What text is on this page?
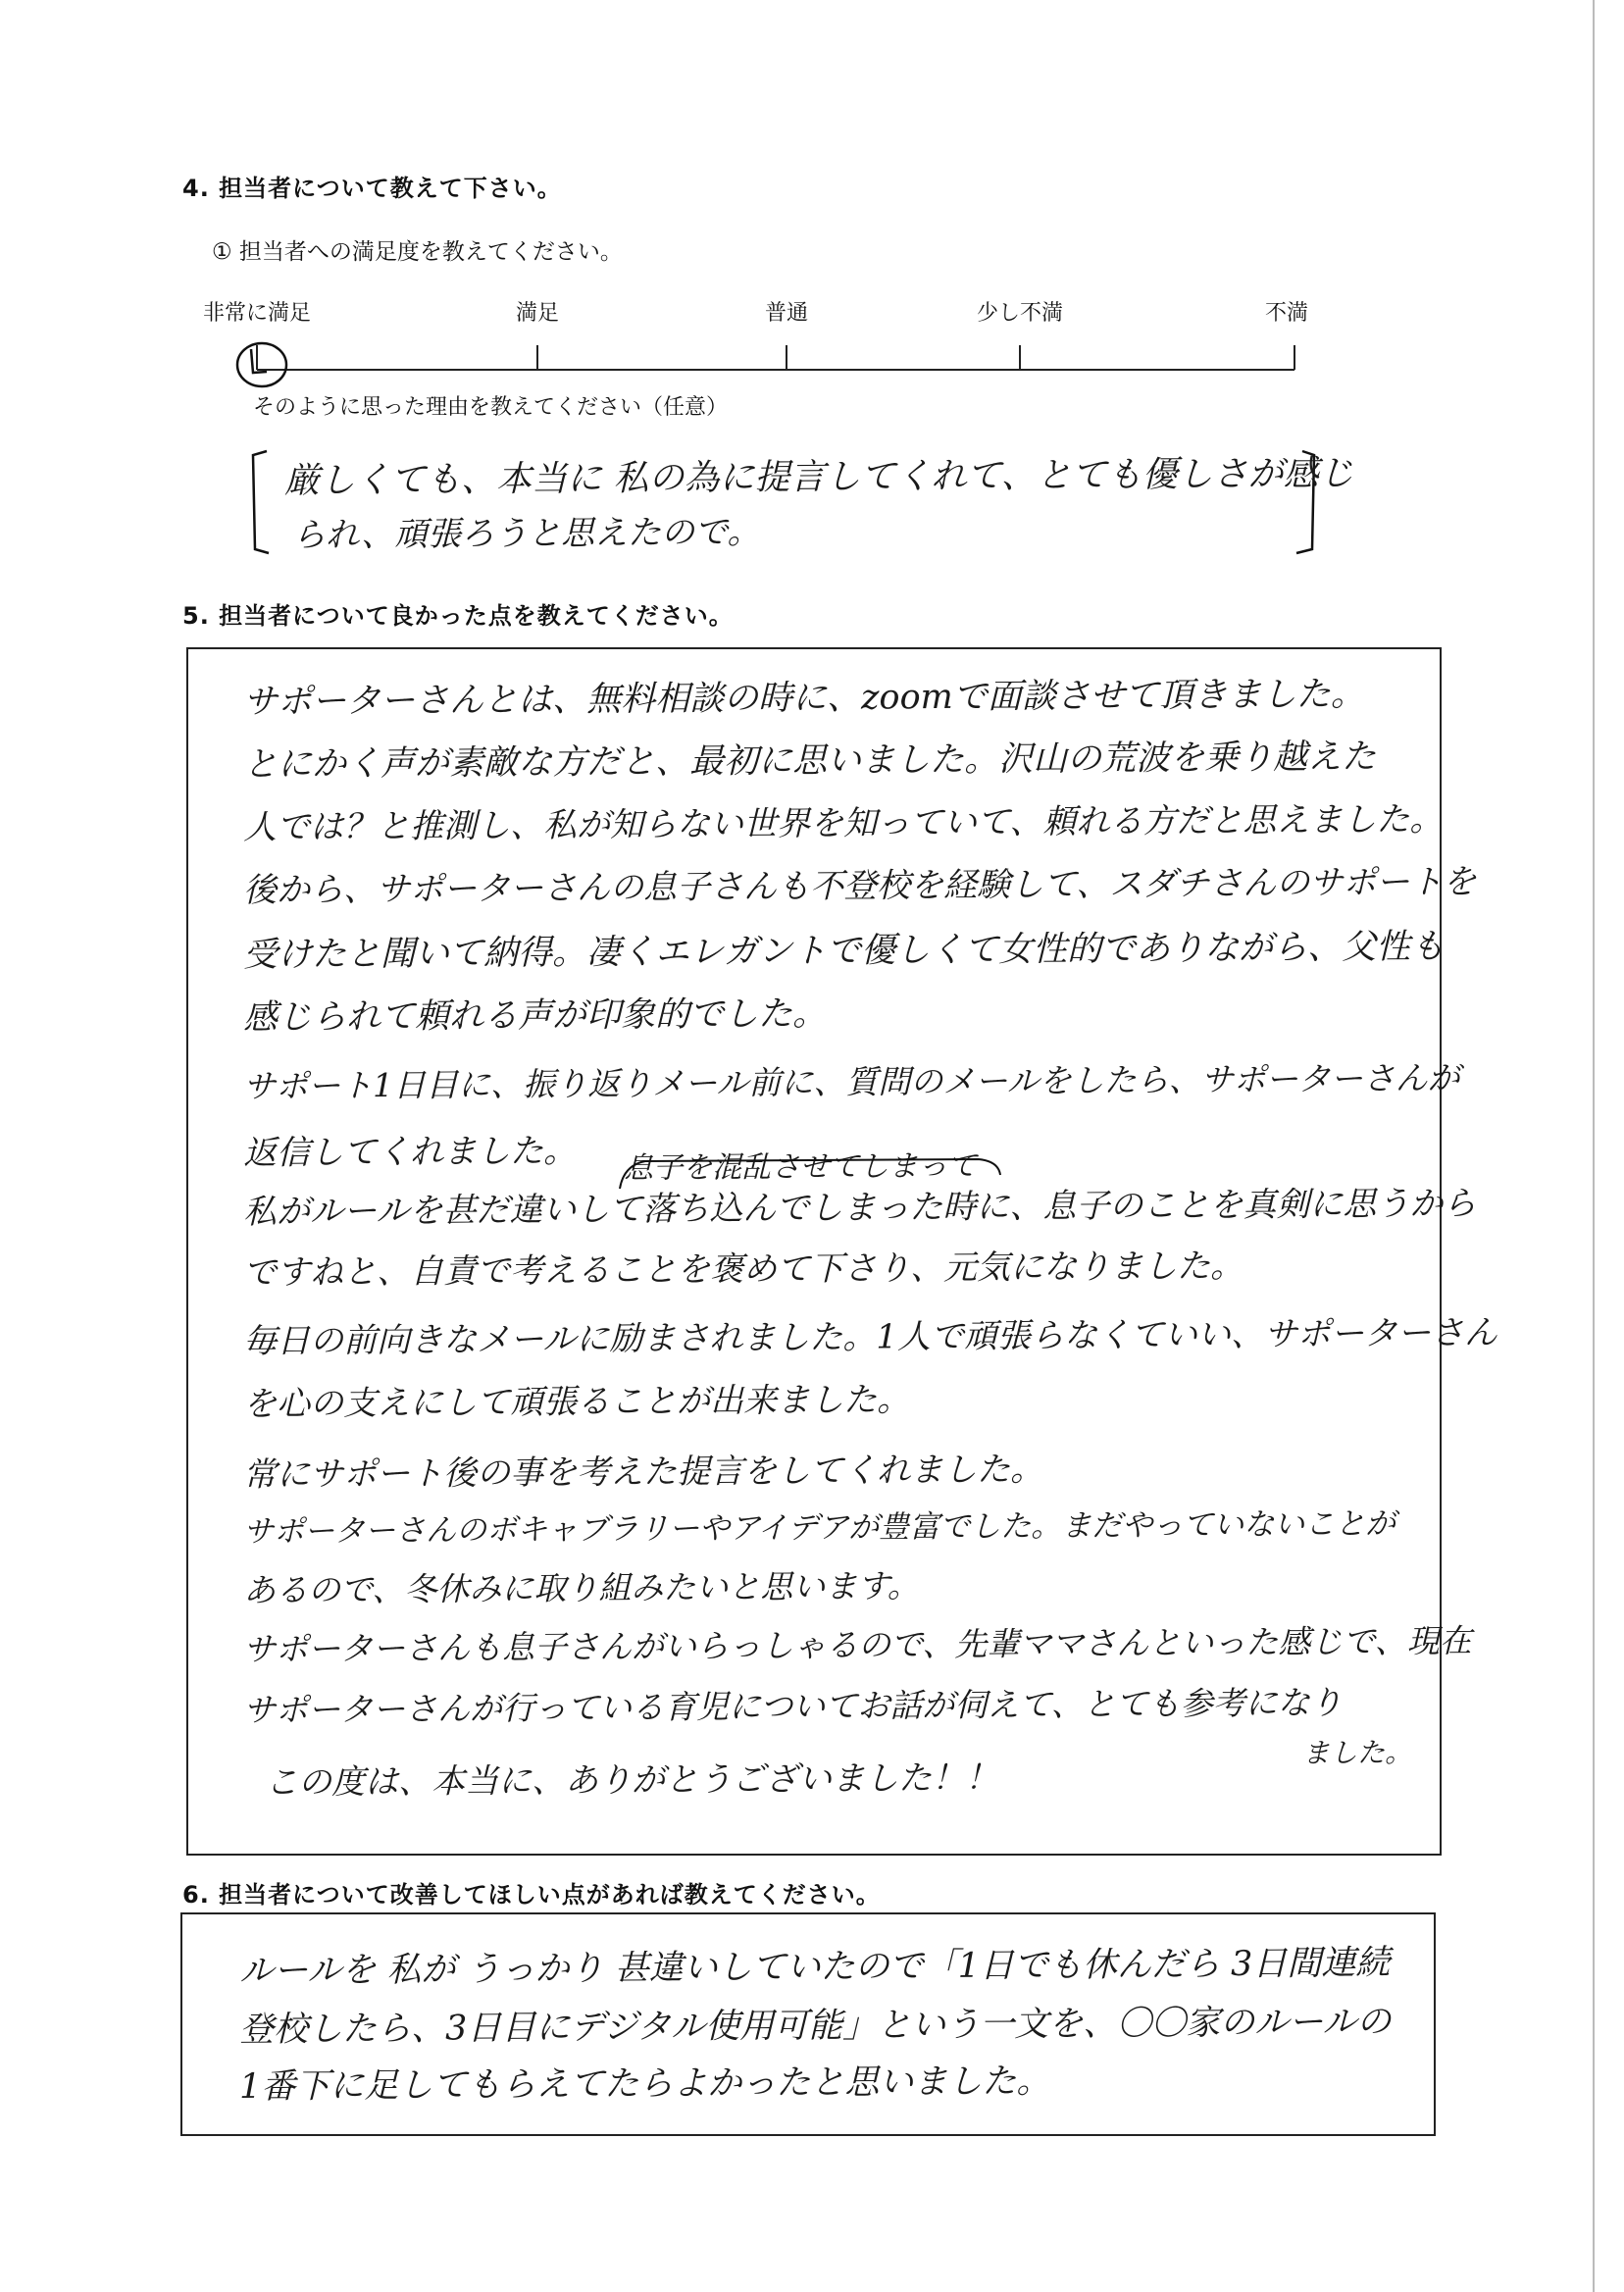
4. 担当者について教えて下さい。
① 担当者への満足度を教えてください。
非常に満足	満足	普通	少し不満	不満
そのように思った理由を教えてください（任意）
厳しくても、本当に 私の為に提言してくれて、とても優しさが感じ
られ、頑張ろうと思えたので。
5. 担当者について良かった点を教えてください。
サポーターさんとは、無料相談の時に、zoomで面談させて頂きました。
とにかく声が素敵な方だと、最初に思いました。沢山の荒波を乗り越えた
人では？と推測し、私が知らない世界を知っていて、頼れる方だと思えました。
後から、サポーターさんの息子さんも不登校を経験して、スダチさんのサポートを
受けたと聞いて納得。凄くエレガントで優しくて女性的でありながら、父性も
感じられて頼れる声が印象的でした。
サポート1日目に、振り返りメール前に、質問のメールをしたら、サポーターさんが
返信してくれました。 息子を混乱させてしまって
私がルールを甚だ違いして落ち込んでしまった時に、息子のことを真剣に思うから
ですねと、自責で考えることを褒めて下さり、元気になりました。
毎日の前向きなメールに励まされました。1人で頑張らなくていい、サポーターさん
を心の支えにして頑張ることが出来ました。
常にサポート後の事を考えた提言をしてくれました。
サポーターさんのボキャブラリーやアイデアが豊富でした。まだやっていないことが
あるので、冬休みに取り組みたいと思います。
サポーターさんも息子さんがいらっしゃるので、先輩ママさんといった感じで、現在
サポーターさんが行っている育児についてお話が伺えて、とても参考になり
ました。
この度は、本当に、ありがとうございました！！
6. 担当者について改善してほしい点があれば教えてください。
ルールを 私が うっかり 甚違いしていたので「1日でも休んだら 3日間連続
登校したら、3日目にデジタル使用可能」という一文を、〇〇家のルールの
1番下に足してもらえてたらよかったと思いました。
